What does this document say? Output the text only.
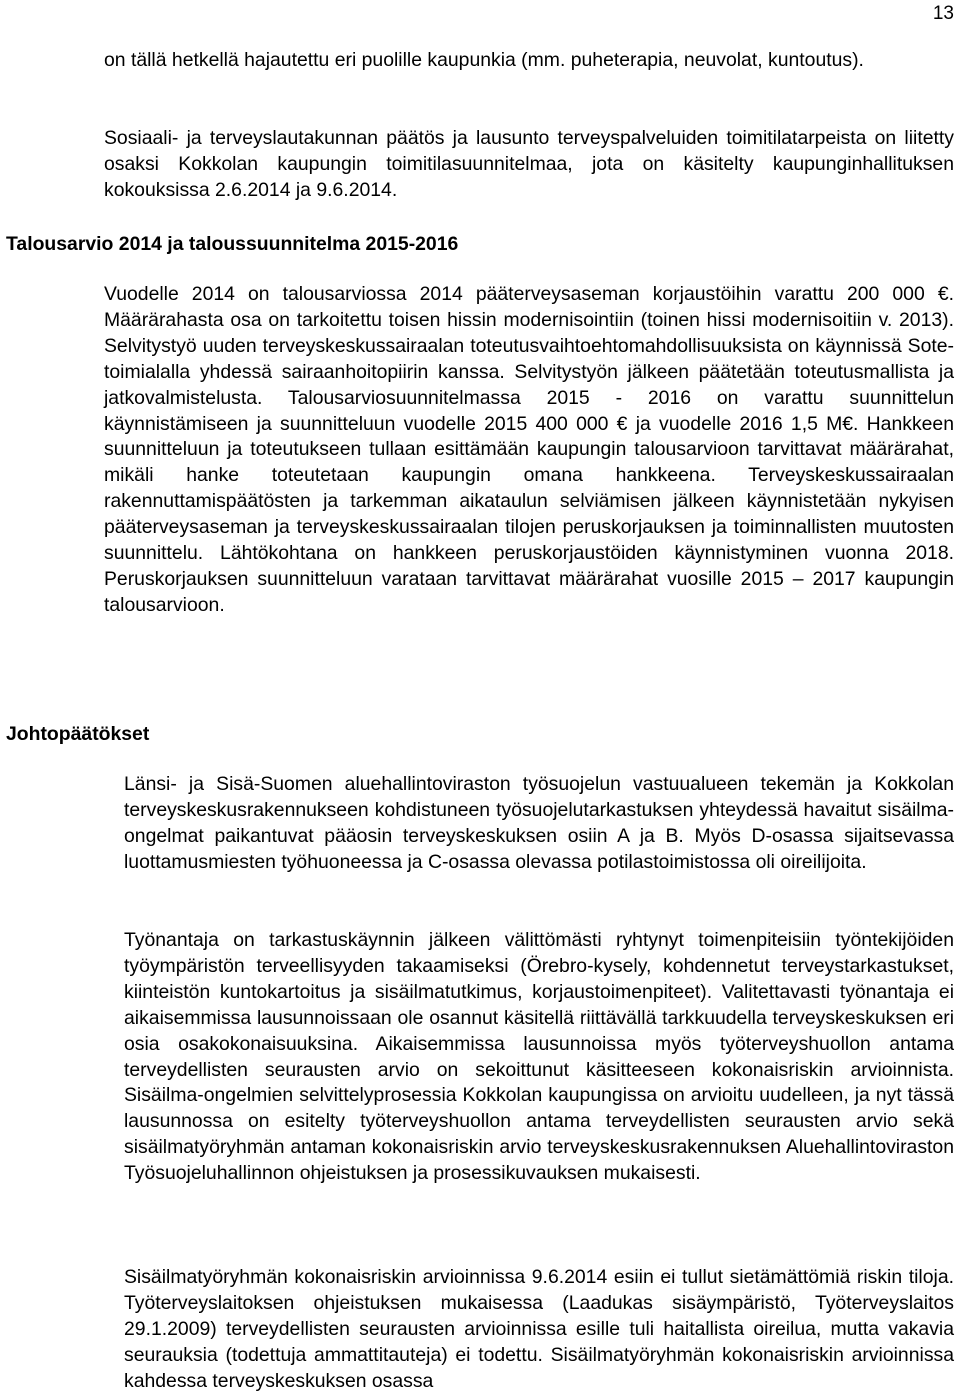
13
on tällä hetkellä hajautettu eri puolille kaupunkia (mm. puheterapia, neuvolat, kuntoutus).
Sosiaali- ja terveyslautakunnan päätös ja lausunto terveyspalveluiden toimitilatarpeista on liitetty osaksi Kokkolan kaupungin toimitilasuunnitelmaa, jota on käsitelty kaupunginhallituksen kokouksissa 2.6.2014 ja 9.6.2014.
Talousarvio 2014 ja taloussuunnitelma 2015-2016
Vuodelle 2014 on talousarviossa 2014 pääterveysaseman korjaustöihin varattu 200 000 €. Määrärahasta osa on tarkoitettu toisen hissin modernisointiin (toinen hissi modernisoitiin v. 2013). Selvitystyö uuden terveyskeskussairaalan toteutusvaihtoehtomahdollisuuksista on käynnissä Sote-toimialalla yhdessä sairaanhoitopiirin kanssa. Selvitystyön jälkeen päätetään toteutusmallista ja jatkovalmistelusta. Talousarviosuunnitelmassa 2015 - 2016 on varattu suunnittelun käynnistämiseen ja suunnitteluun vuodelle 2015 400 000 € ja vuodelle 2016 1,5 M€. Hankkeen suunnitteluun ja toteutukseen tullaan esittämään kaupungin talousarvioon tarvittavat määrärahat, mikäli hanke toteutetaan kaupungin omana hankkeena. Terveyskeskussairaalan rakennuttamispäätösten ja tarkemman aikataulun selviämisen jälkeen käynnistetään nykyisen pääterveysaseman ja terveyskeskussairaalan tilojen peruskorjauksen ja toiminnallisten muutosten suunnittelu. Lähtökohtana on hankkeen peruskorjaustöiden käynnistyminen vuonna 2018. Peruskorjauksen suunnitteluun varataan tarvittavat määrärahat vuosille 2015 – 2017 kaupungin talousarvioon.
Johtopäätökset
Länsi- ja Sisä-Suomen aluehallintoviraston työsuojelun vastuualueen tekemän ja Kokkolan terveyskeskusrakennukseen kohdistuneen työsuojelutarkastuksen yhteydessä havaitut sisäilma-ongelmat paikantuvat pääosin terveyskeskuksen osiin A ja B. Myös D-osassa sijaitsevassa luottamusmiesten työhuoneessa ja C-osassa olevassa potilastoimistossa oli oireilijoita.
Työnantaja on tarkastuskäynnin jälkeen välittömästi ryhtynyt toimenpiteisiin työntekijöiden työympäristön terveellisyyden takaamiseksi (Örebro-kysely, kohdennetut terveystarkastukset, kiinteistön kuntokartoitus ja sisäilmatutkimus, korjaustoimenpiteet). Valitettavasti työnantaja ei aikaisemmissa lausunnoissaan ole osannut käsitellä riittävällä tarkkuudella terveyskeskuksen eri osia osakokonaisuuksina. Aikaisemmissa lausunnoissa myös työterveyshuollon antama terveydellisten seurausten arvio on sekoittunut käsitteeseen kokonaisriskin arvioinnista. Sisäilma-ongelmien selvittelyprosessia Kokkolan kaupungissa on arvioitu uudelleen, ja nyt tässä lausunnossa on esitelty työterveyshuollon antama terveydellisten seurausten arvio sekä sisäilmatyöryhmän antaman kokonaisriskin arvio terveyskeskusrakennuksen Aluehallintoviraston Työsuojeluhallinnon ohjeistuksen ja prosessikuvauksen mukaisesti.
Sisäilmatyöryhmän kokonaisriskin arvioinnissa 9.6.2014 esiin ei tullut sietämättömiä riskin tiloja. Työterveyslaitoksen ohjeistuksen mukaisessa (Laadukas sisäympäristö, Työterveyslaitos 29.1.2009) terveydellisten seurausten arvioinnissa esille tuli haitallista oireilua, mutta vakavia seurauksia (todettuja ammattitauteja) ei todettu. Sisäilmatyöryhmän kokonaisriskin arvioinnissa kahdessa terveyskeskuksen osassa
